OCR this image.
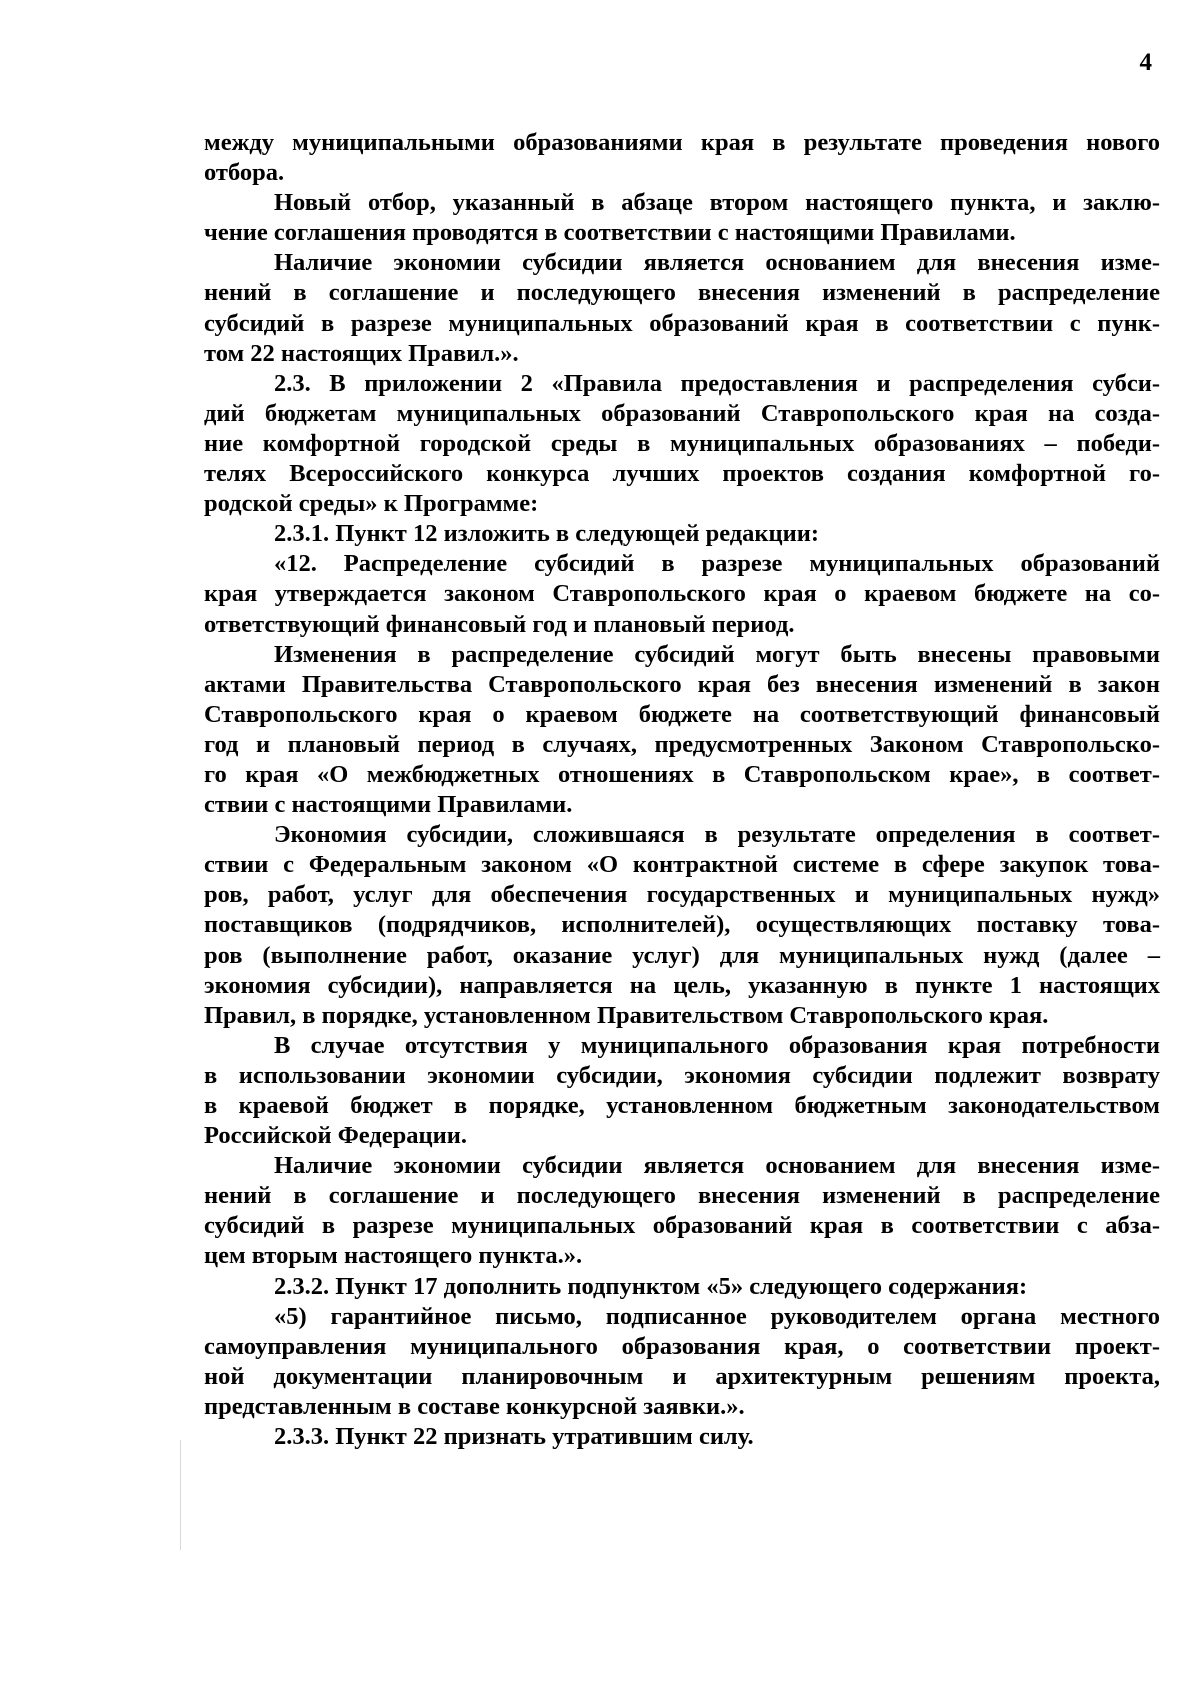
4
между муниципальными образованиями края в результате проведения нового
отбора.
Новый отбор, указанный в абзаце втором настоящего пункта, и заклю-
чение соглашения проводятся в соответствии с настоящими Правилами.
Наличие экономии субсидии является основанием для внесения изме-
нений в соглашение и последующего внесения изменений в распределение
субсидий в разрезе муниципальных образований края в соответствии с пунк-
том 22 настоящих Правил.».
2.3. В приложении 2 «Правила предоставления и распределения субси-
дий бюджетам муниципальных образований Ставропольского края на созда-
ние комфортной городской среды в муниципальных образованиях – победи-
телях Всероссийского конкурса лучших проектов создания комфортной го-
родской среды» к Программе:
2.3.1. Пункт 12 изложить в следующей редакции:
«12. Распределение субсидий в разрезе муниципальных образований
края утверждается законом Ставропольского края о краевом бюджете на со-
ответствующий финансовый год и плановый период.
Изменения в распределение субсидий могут быть внесены правовыми
актами Правительства Ставропольского края без внесения изменений в закон
Ставропольского края о краевом бюджете на соответствующий финансовый
год и плановый период в случаях, предусмотренных Законом Ставропольско-
го края «О межбюджетных отношениях в Ставропольском крае», в соответ-
ствии с настоящими Правилами.
Экономия субсидии, сложившаяся в результате определения в соответ-
ствии с Федеральным законом «О контрактной системе в сфере закупок това-
ров, работ, услуг для обеспечения государственных и муниципальных нужд»
поставщиков (подрядчиков, исполнителей), осуществляющих поставку това-
ров (выполнение работ, оказание услуг) для муниципальных нужд (далее –
экономия субсидии), направляется на цель, указанную в пункте 1 настоящих
Правил, в порядке, установленном Правительством Ставропольского края.
В случае отсутствия у муниципального образования края потребности
в использовании экономии субсидии, экономия субсидии подлежит возврату
в краевой бюджет в порядке, установленном бюджетным законодательством
Российской Федерации.
Наличие экономии субсидии является основанием для внесения изме-
нений в соглашение и последующего внесения изменений в распределение
субсидий в разрезе муниципальных образований края в соответствии с абза-
цем вторым настоящего пункта.».
2.3.2. Пункт 17 дополнить подпунктом «5» следующего содержания:
«5) гарантийное письмо, подписанное руководителем органа местного
самоуправления муниципального образования края, о соответствии проект-
ной документации планировочным и архитектурным решениям проекта,
представленным в составе конкурсной заявки.».
2.3.3. Пункт 22 признать утратившим силу.
